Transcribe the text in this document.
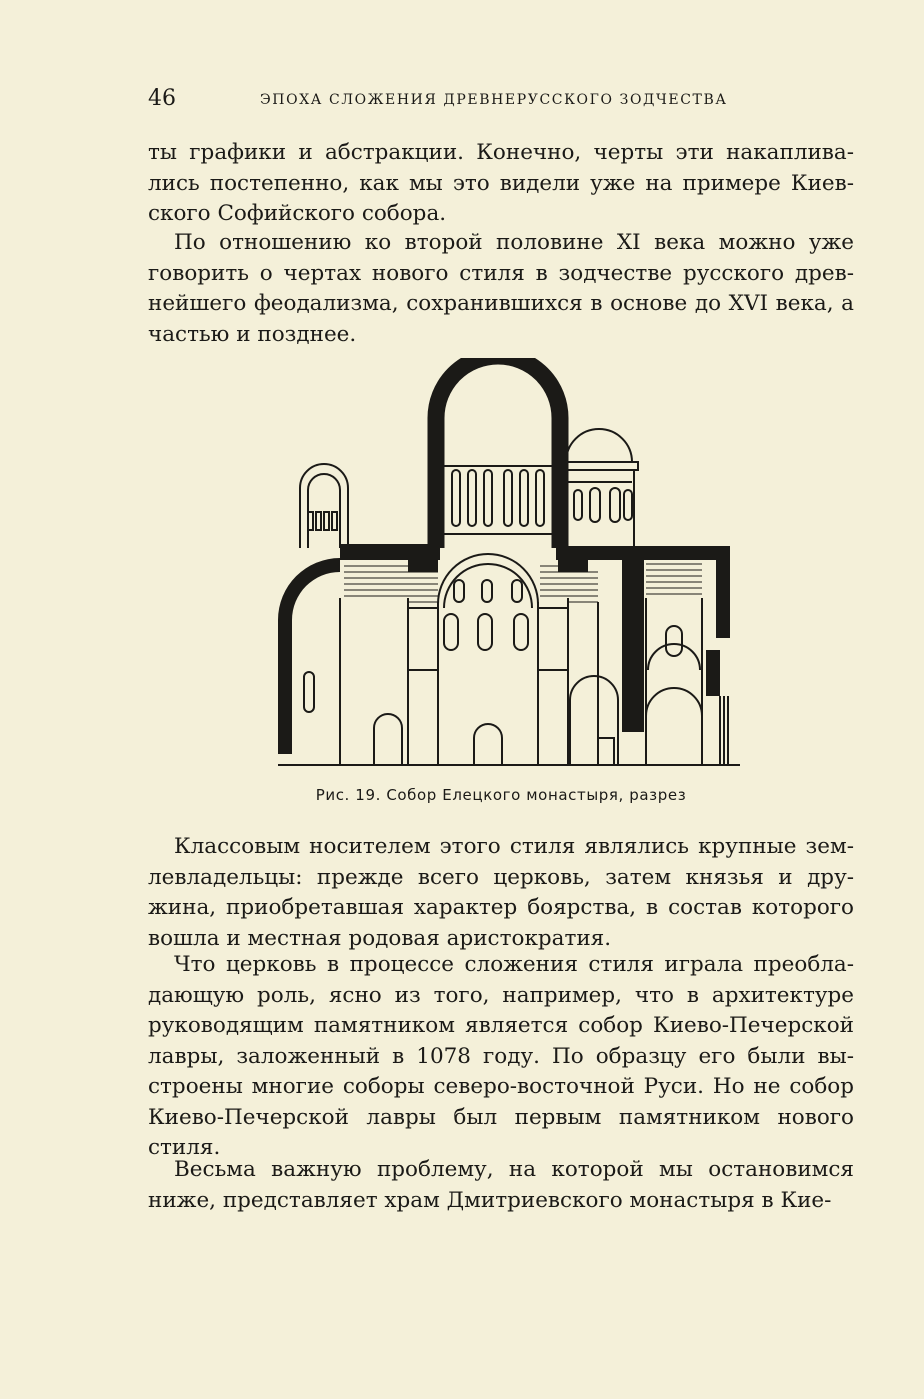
46	ЭПОХА СЛОЖЕНИЯ ДРЕВНЕРУССКОГО ЗОДЧЕСТВА

ты графики и абстракции. Конечно, черты эти накапливались постепенно, как мы это видели уже на примере Киевского Софийского собора.

По отношению ко второй половине XI века можно уже говорить о чертах нового стиля в зодчестве русского древнейшего феодализма, сохранившихся в основе до XVI века, а частью и позднее.

Рис. 19. Собор Елецкого монастыря, разрез

Классовым носителем этого стиля являлись крупные землевладельцы: прежде всего церковь, затем князья и дружина, приобретавшая характер боярства, в состав которого вошла и местная родовая аристократия.

Что церковь в процессе сложения стиля играла преобладающую роль, ясно из того, например, что в архитектуре руководящим памятником является собор Киево-Печерской лавры, заложенный в 1078 году. По образцу его были выстроены многие соборы северо-восточной Руси. Но не собор Киево-Печерской лавры был первым памятником нового стиля.

Весьма важную проблему, на которой мы остановимся ниже, представляет храм Дмитриевского монастыря в Кие-
